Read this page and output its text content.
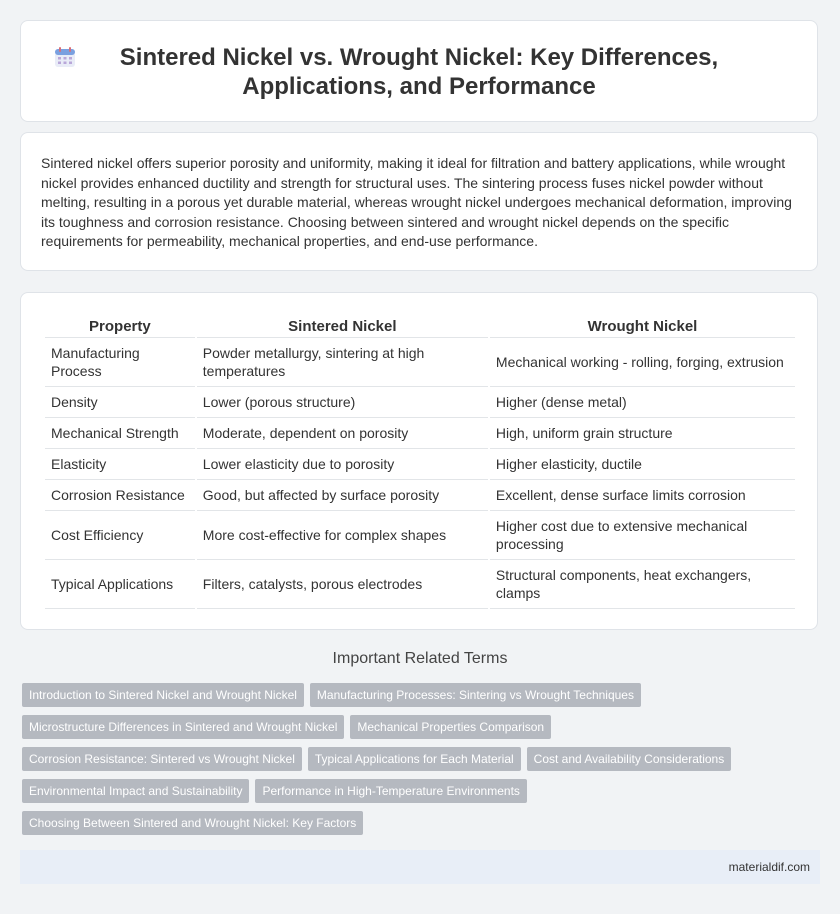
Sintered Nickel vs. Wrought Nickel: Key Differences, Applications, and Performance

Sintered nickel offers superior porosity and uniformity, making it ideal for filtration and battery applications, while wrought nickel provides enhanced ductility and strength for structural uses. The sintering process fuses nickel powder without melting, resulting in a porous yet durable material, whereas wrought nickel undergoes mechanical deformation, improving its toughness and corrosion resistance. Choosing between sintered and wrought nickel depends on the specific requirements for permeability, mechanical properties, and end-use performance.

Property	Sintered Nickel	Wrought Nickel
Manufacturing Process	Powder metallurgy, sintering at high temperatures	Mechanical working - rolling, forging, extrusion
Density	Lower (porous structure)	Higher (dense metal)
Mechanical Strength	Moderate, dependent on porosity	High, uniform grain structure
Elasticity	Lower elasticity due to porosity	Higher elasticity, ductile
Corrosion Resistance	Good, but affected by surface porosity	Excellent, dense surface limits corrosion
Cost Efficiency	More cost-effective for complex shapes	Higher cost due to extensive mechanical processing
Typical Applications	Filters, catalysts, porous electrodes	Structural components, heat exchangers, clamps
Important Related Terms
Introduction to Sintered Nickel and Wrought Nickel	Manufacturing Processes: Sintering vs Wrought Techniques
Microstructure Differences in Sintered and Wrought Nickel	Mechanical Properties Comparison
Corrosion Resistance: Sintered vs Wrought Nickel	Typical Applications for Each Material	Cost and Availability Considerations
Environmental Impact and Sustainability	Performance in High-Temperature Environments
Choosing Between Sintered and Wrought Nickel: Key Factors
materialdif.com
